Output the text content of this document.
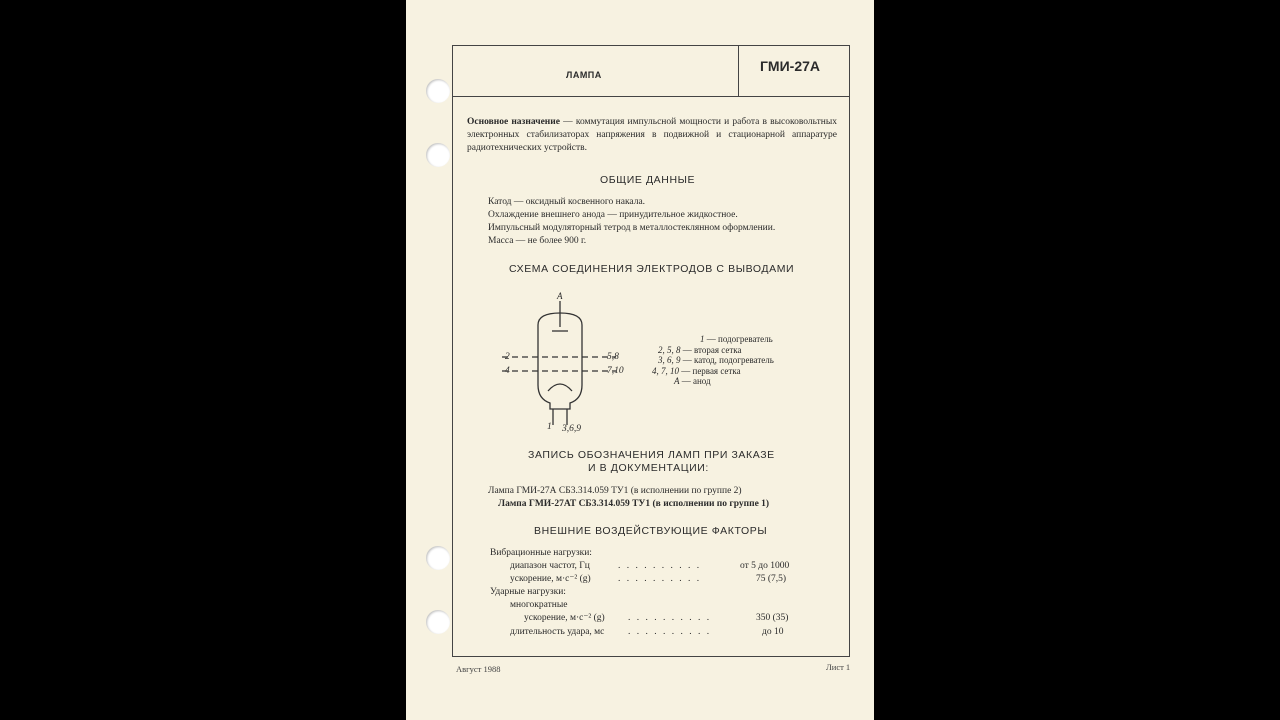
ЛАМПА
ГМИ-27А
Основное назначение — коммутация импульсной мощности и работа в высоковольтных электронных стабилизаторах напряжения в подвижной и стационарной аппаратуре радиотехнических устройств.
ОБЩИЕ ДАННЫЕ
Катод — оксидный косвенного накала.
Охлаждение внешнего анода — принудительное жидкостное.
Импульсный модуляторный тетрод в металлостеклянном оформлении.
Масса — не более 900 г.
СХЕМА СОЕДИНЕНИЯ ЭЛЕКТРОДОВ С ВЫВОДАМИ
А
2
4
5,8
7,10
1 3,6,9
1 — подогреватель
2, 5, 8 — вторая сетка
3, 6, 9 — катод, подогреватель
4, 7, 10 — первая сетка
А — анод
ЗАПИСЬ ОБОЗНАЧЕНИЯ ЛАМП ПРИ ЗАКАЗЕ
И В ДОКУМЕНТАЦИИ:
Лампа ГМИ-27А СБ3.314.059 ТУ1 (в исполнении по группе 2)
Лампа ГМИ-27АТ СБ3.314.059 ТУ1 (в исполнении по группе 1)
ВНЕШНИЕ ВОЗДЕЙСТВУЮЩИЕ ФАКТОРЫ
Вибрационные нагрузки:
диапазон частот, Гц	. . . . . . . . . .	от 5 до 1000
ускорение, м·с⁻² (g)	. . . . . . . . . .	75 (7,5)
Ударные нагрузки:
многократные
ускорение, м·с⁻² (g) . . . . . . . . . .	350 (35)
длительность удара, мс . . . . . . . . . .	до 10
Август 1988	Лист 1
